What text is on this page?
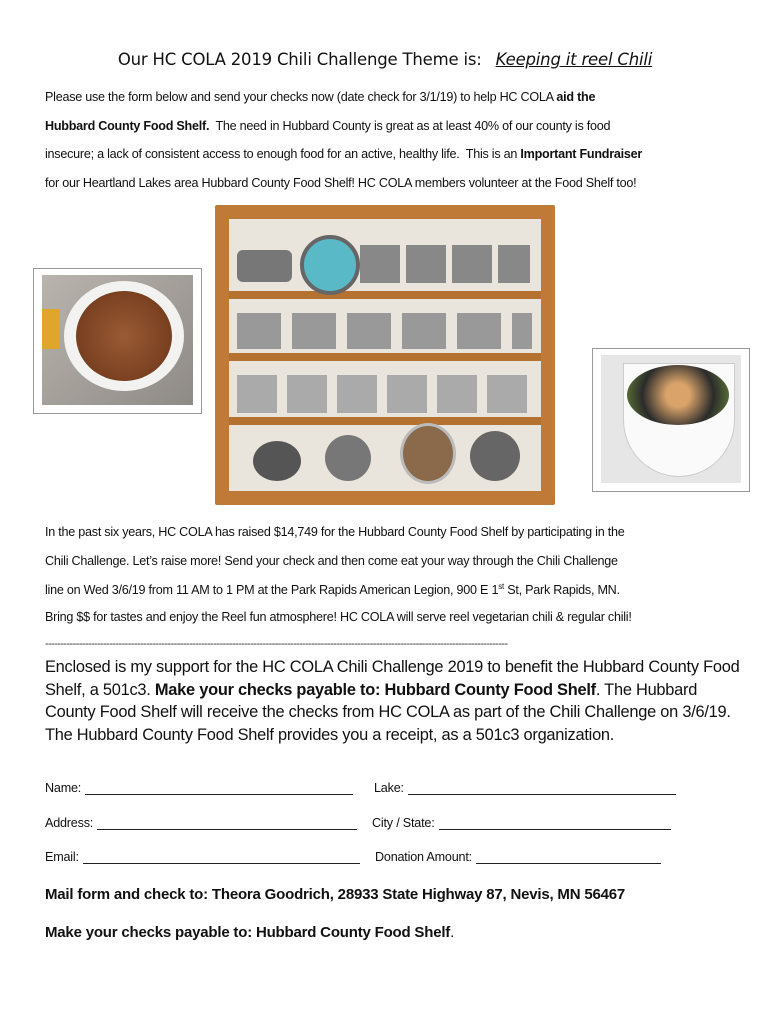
Our HC COLA 2019 Chili Challenge Theme is: Keeping it reel Chili
Please use the form below and send your checks now (date check for 3/1/19) to help HC COLA aid the
Hubbard County Food Shelf.  The need in Hubbard County is great as at least 40% of our county is food
insecure; a lack of consistent access to enough food for an active, healthy life.  This is an Important Fundraiser
for our Heartland Lakes area Hubbard County Food Shelf! HC COLA members volunteer at the Food Shelf too!
In the past six years, HC COLA has raised $14,749 for the Hubbard County Food Shelf by participating in the
Chili Challenge. Let’s raise more! Send your check and then come eat your way through the Chili Challenge
line on Wed 3/6/19 from 11 AM to 1 PM at the Park Rapids American Legion, 900 E 1st St, Park Rapids, MN.
Bring $$ for tastes and enjoy the Reel fun atmosphere! HC COLA will serve reel vegetarian chili & regular chili!
-------------------------------------------------------------------------------------------------------------------------------------------------------
Enclosed is my support for the HC COLA Chili Challenge 2019 to benefit the Hubbard County Food Shelf, a 501c3. Make your checks payable to: Hubbard County Food Shelf. The Hubbard County Food Shelf will receive the checks from HC COLA as part of the Chili Challenge on 3/6/19. The Hubbard County Food Shelf provides you a receipt, as a 501c3 organization.
Name:	Lake:
Address:	City / State:
Email:	Donation Amount:
Mail form and check to: Theora Goodrich, 28933 State Highway 87, Nevis, MN 56467
Make your checks payable to: Hubbard County Food Shelf.
